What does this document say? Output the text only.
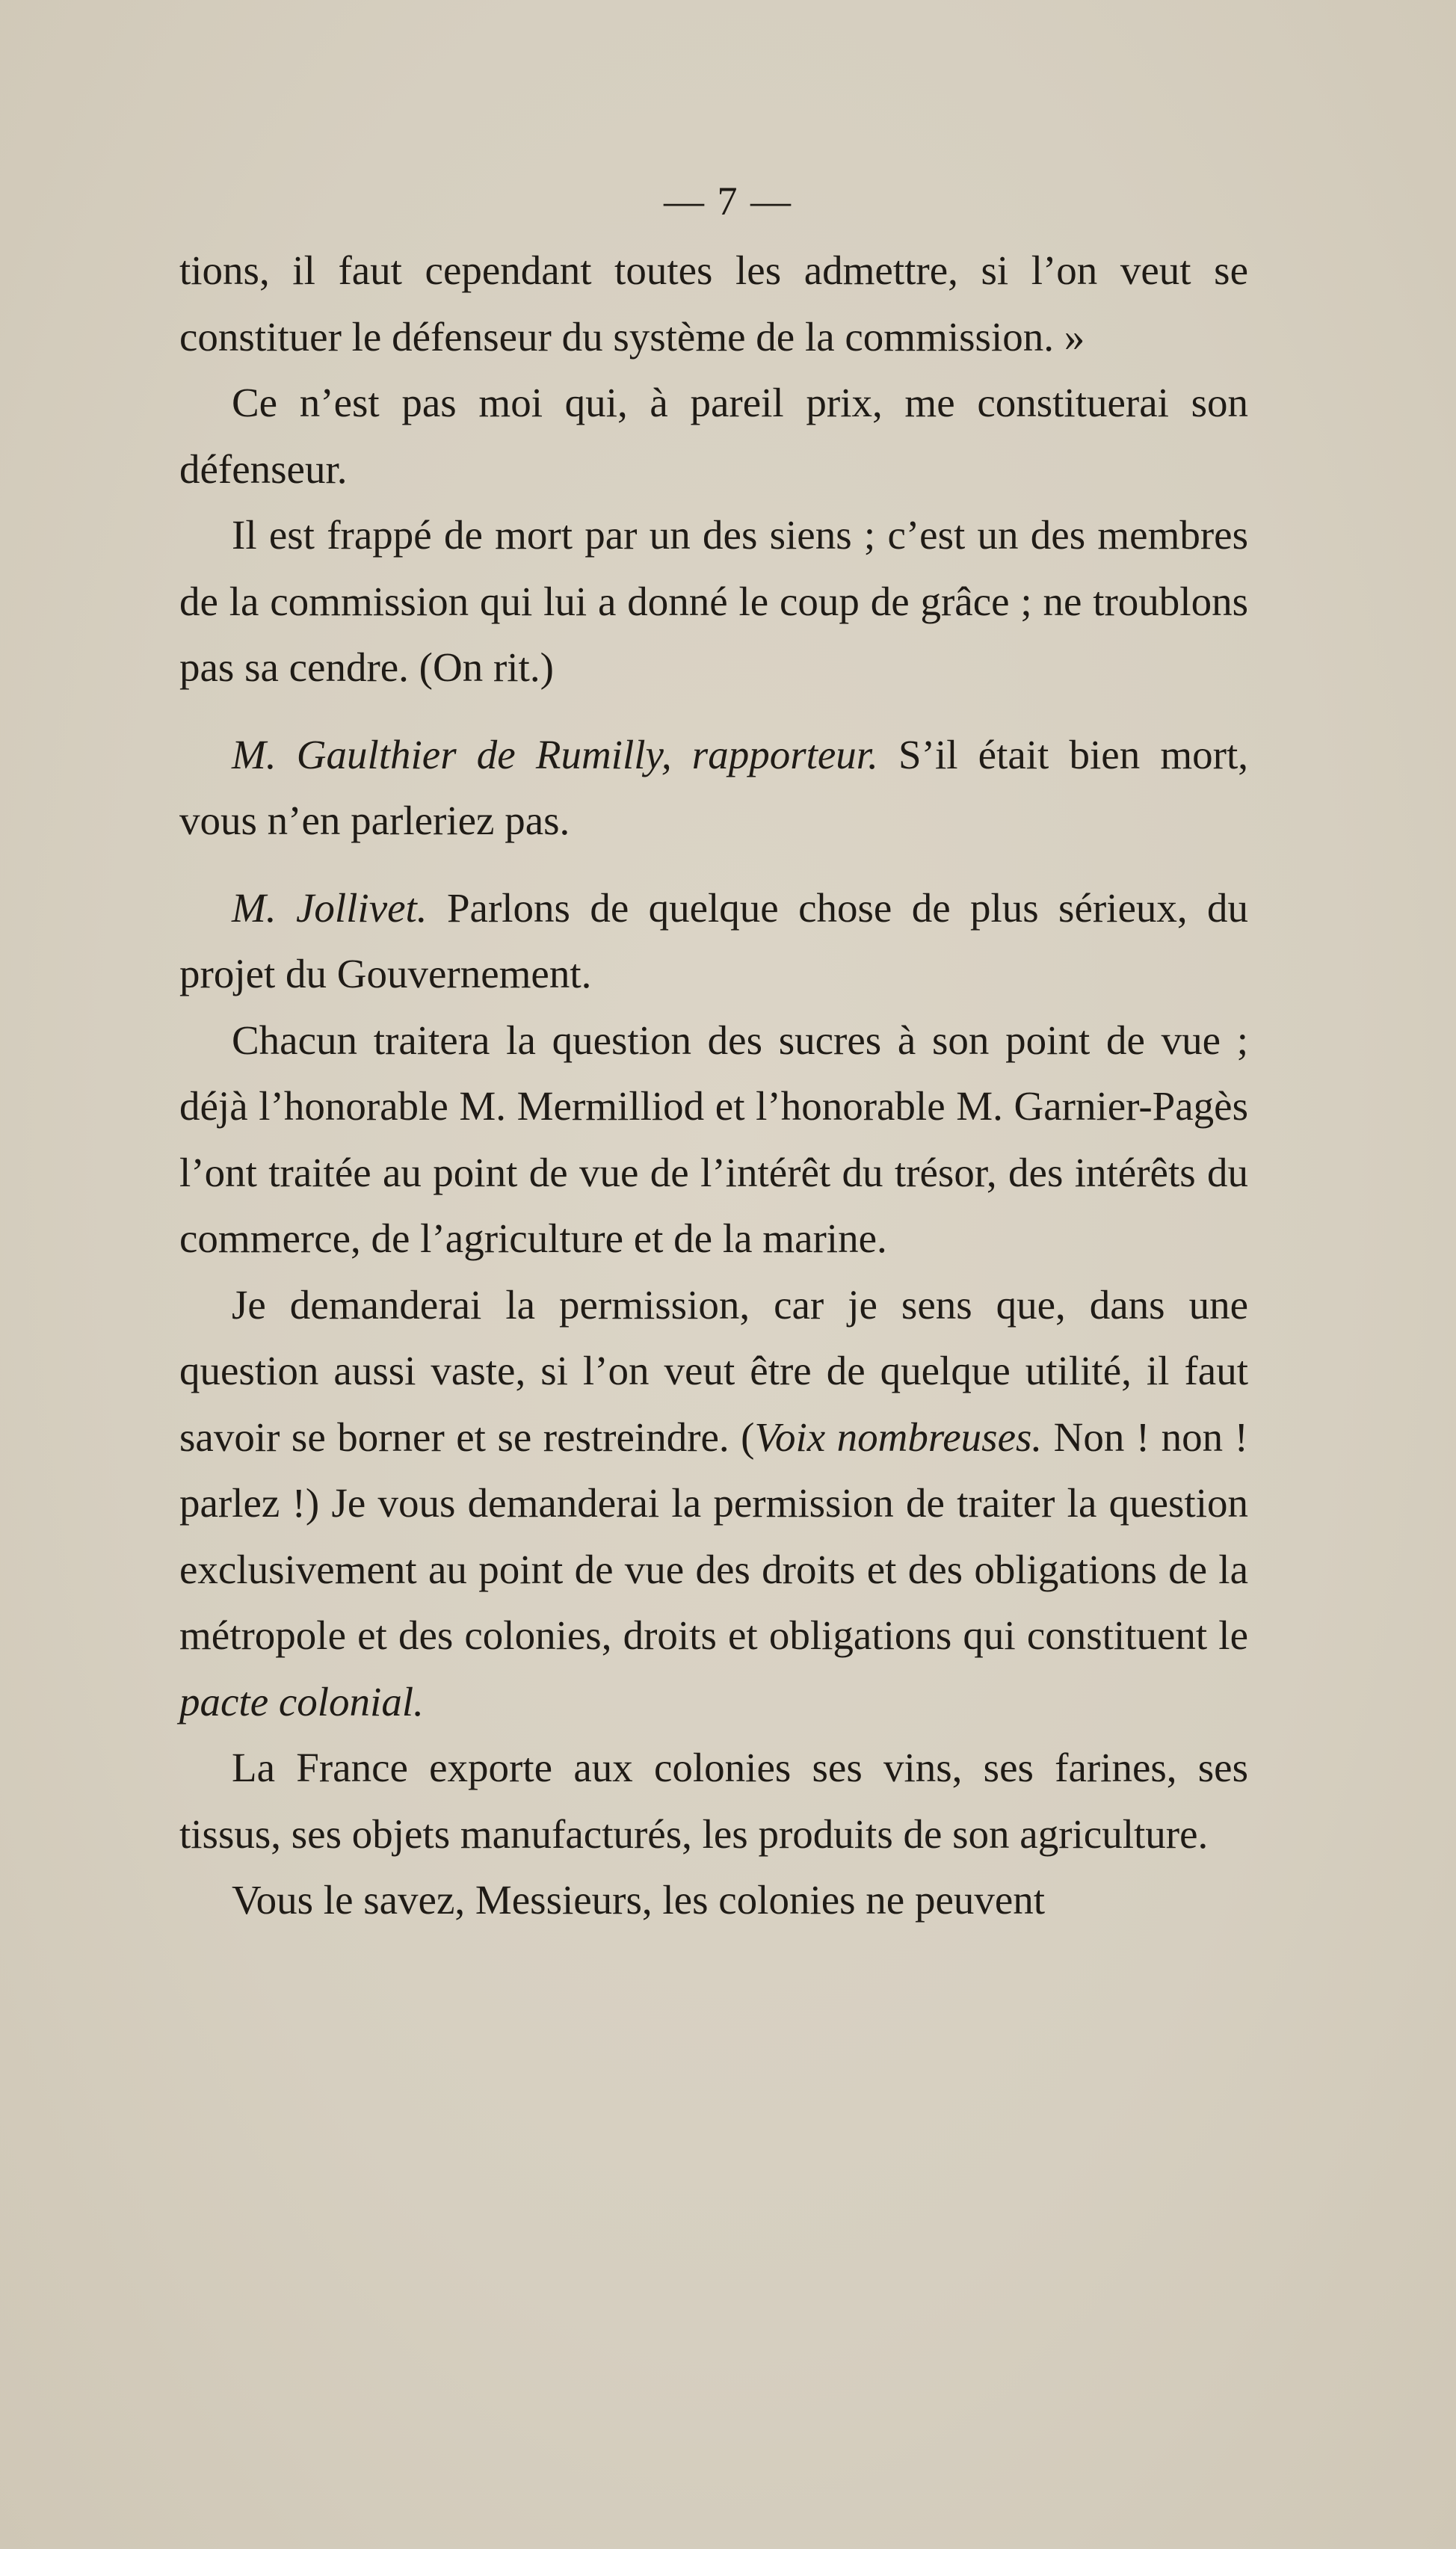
— 7 —

tions, il faut cependant toutes les admettre, si l’on veut se constituer le défenseur du système de la commission. »

Ce n’est pas moi qui, à pareil prix, me constituerai son défenseur.

Il est frappé de mort par un des siens ; c’est un des membres de la commission qui lui a donné le coup de grâce ; ne troublons pas sa cendre. (On rit.)

M. Gaulthier de Rumilly, rapporteur. S’il était bien mort, vous n’en parleriez pas.

M. Jollivet. Parlons de quelque chose de plus sérieux, du projet du Gouvernement.

Chacun traitera la question des sucres à son point de vue ; déjà l’honorable M. Mermilliod et l’honorable M. Garnier-Pagès l’ont traitée au point de vue de l’intérêt du trésor, des intérêts du commerce, de l’agriculture et de la marine.

Je demanderai la permission, car je sens que, dans une question aussi vaste, si l’on veut être de quelque utilité, il faut savoir se borner et se restreindre. (Voix nombreuses. Non ! non ! parlez !) Je vous demanderai la permission de traiter la question exclusivement au point de vue des droits et des obligations de la métropole et des colonies, droits et obligations qui constituent le pacte colonial.

La France exporte aux colonies ses vins, ses farines, ses tissus, ses objets manufacturés, les produits de son agriculture.

Vous le savez, Messieurs, les colonies ne peuvent
